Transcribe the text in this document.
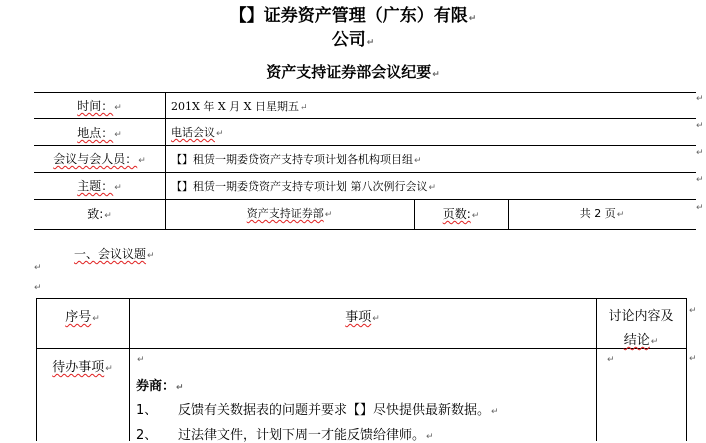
【】证券资产管理（广东）有限↵
公司↵
资产支持证券部会议纪要↵
↵
↵
↵
↵
↵
时间：↵	201X 年 X 月 X 日星期五↵
地点：↵	电话会议↵
会议与会人员：↵	【】租赁一期委贷资产支持专项计划各机构项目组↵
主题：↵	【】租赁一期委贷资产支持专项计划 第八次例行会议↵
致:↵	资产支持证券部↵	页数:↵	共 2 页↵
一、会议议题↵
↵
↵
↵
↵
序号↵	事项↵	讨论内容及
结论↵
待办事项↵
↵	↵
券商：↵
1、 反馈有关数据表的问题并要求【】尽快提供最新数据。↵
2、 过法律文件，计划下周一才能反馈给律师。↵
